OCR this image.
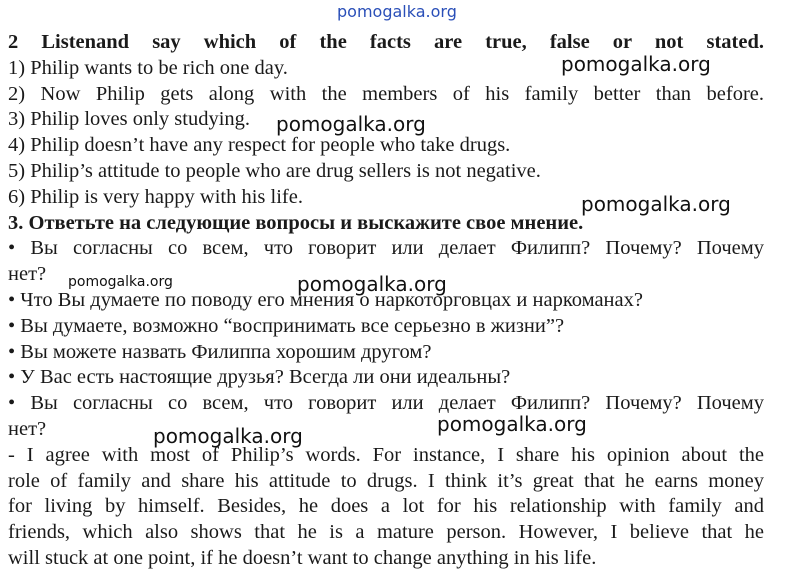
pomogalka.org
2 Listenand say which of the facts are true, false or not stated.
1) Philip wants to be rich one day.
2) Now Philip gets along with the members of his family better than before.
3) Philip loves only studying.
4) Philip doesn’t have any respect for people who take drugs.
5) Philip’s attitude to people who are drug sellers is not negative.
6) Philip is very happy with his life.
3. Ответьте на следующие вопросы и выскажите свое мнение.
• Вы согласны со всем, что говорит или делает Филипп? Почему? Почему
нет?
• Что Вы думаете по поводу его мнения о наркоторговцах и наркоманах?
• Вы думаете, возможно “воспринимать все серьезно в жизни”?
• Вы можете назвать Филиппа хорошим другом?
• У Вас есть настоящие друзья? Всегда ли они идеальны?
• Вы согласны со всем, что говорит или делает Филипп? Почему? Почему
нет?
- I agree with most of Philip’s words. For instance, I share his opinion about the
role of family and share his attitude to drugs. I think it’s great that he earns money
for living by himself. Besides, he does a lot for his relationship with family and
friends, which also shows that he is a mature person. However, I believe that he
will stuck at one point, if he doesn’t want to change anything in his life.
pomogalka.org
pomogalka.org
pomogalka.org
pomogalka.org	pomogalka.org
pomogalka.org
pomogalka.org
